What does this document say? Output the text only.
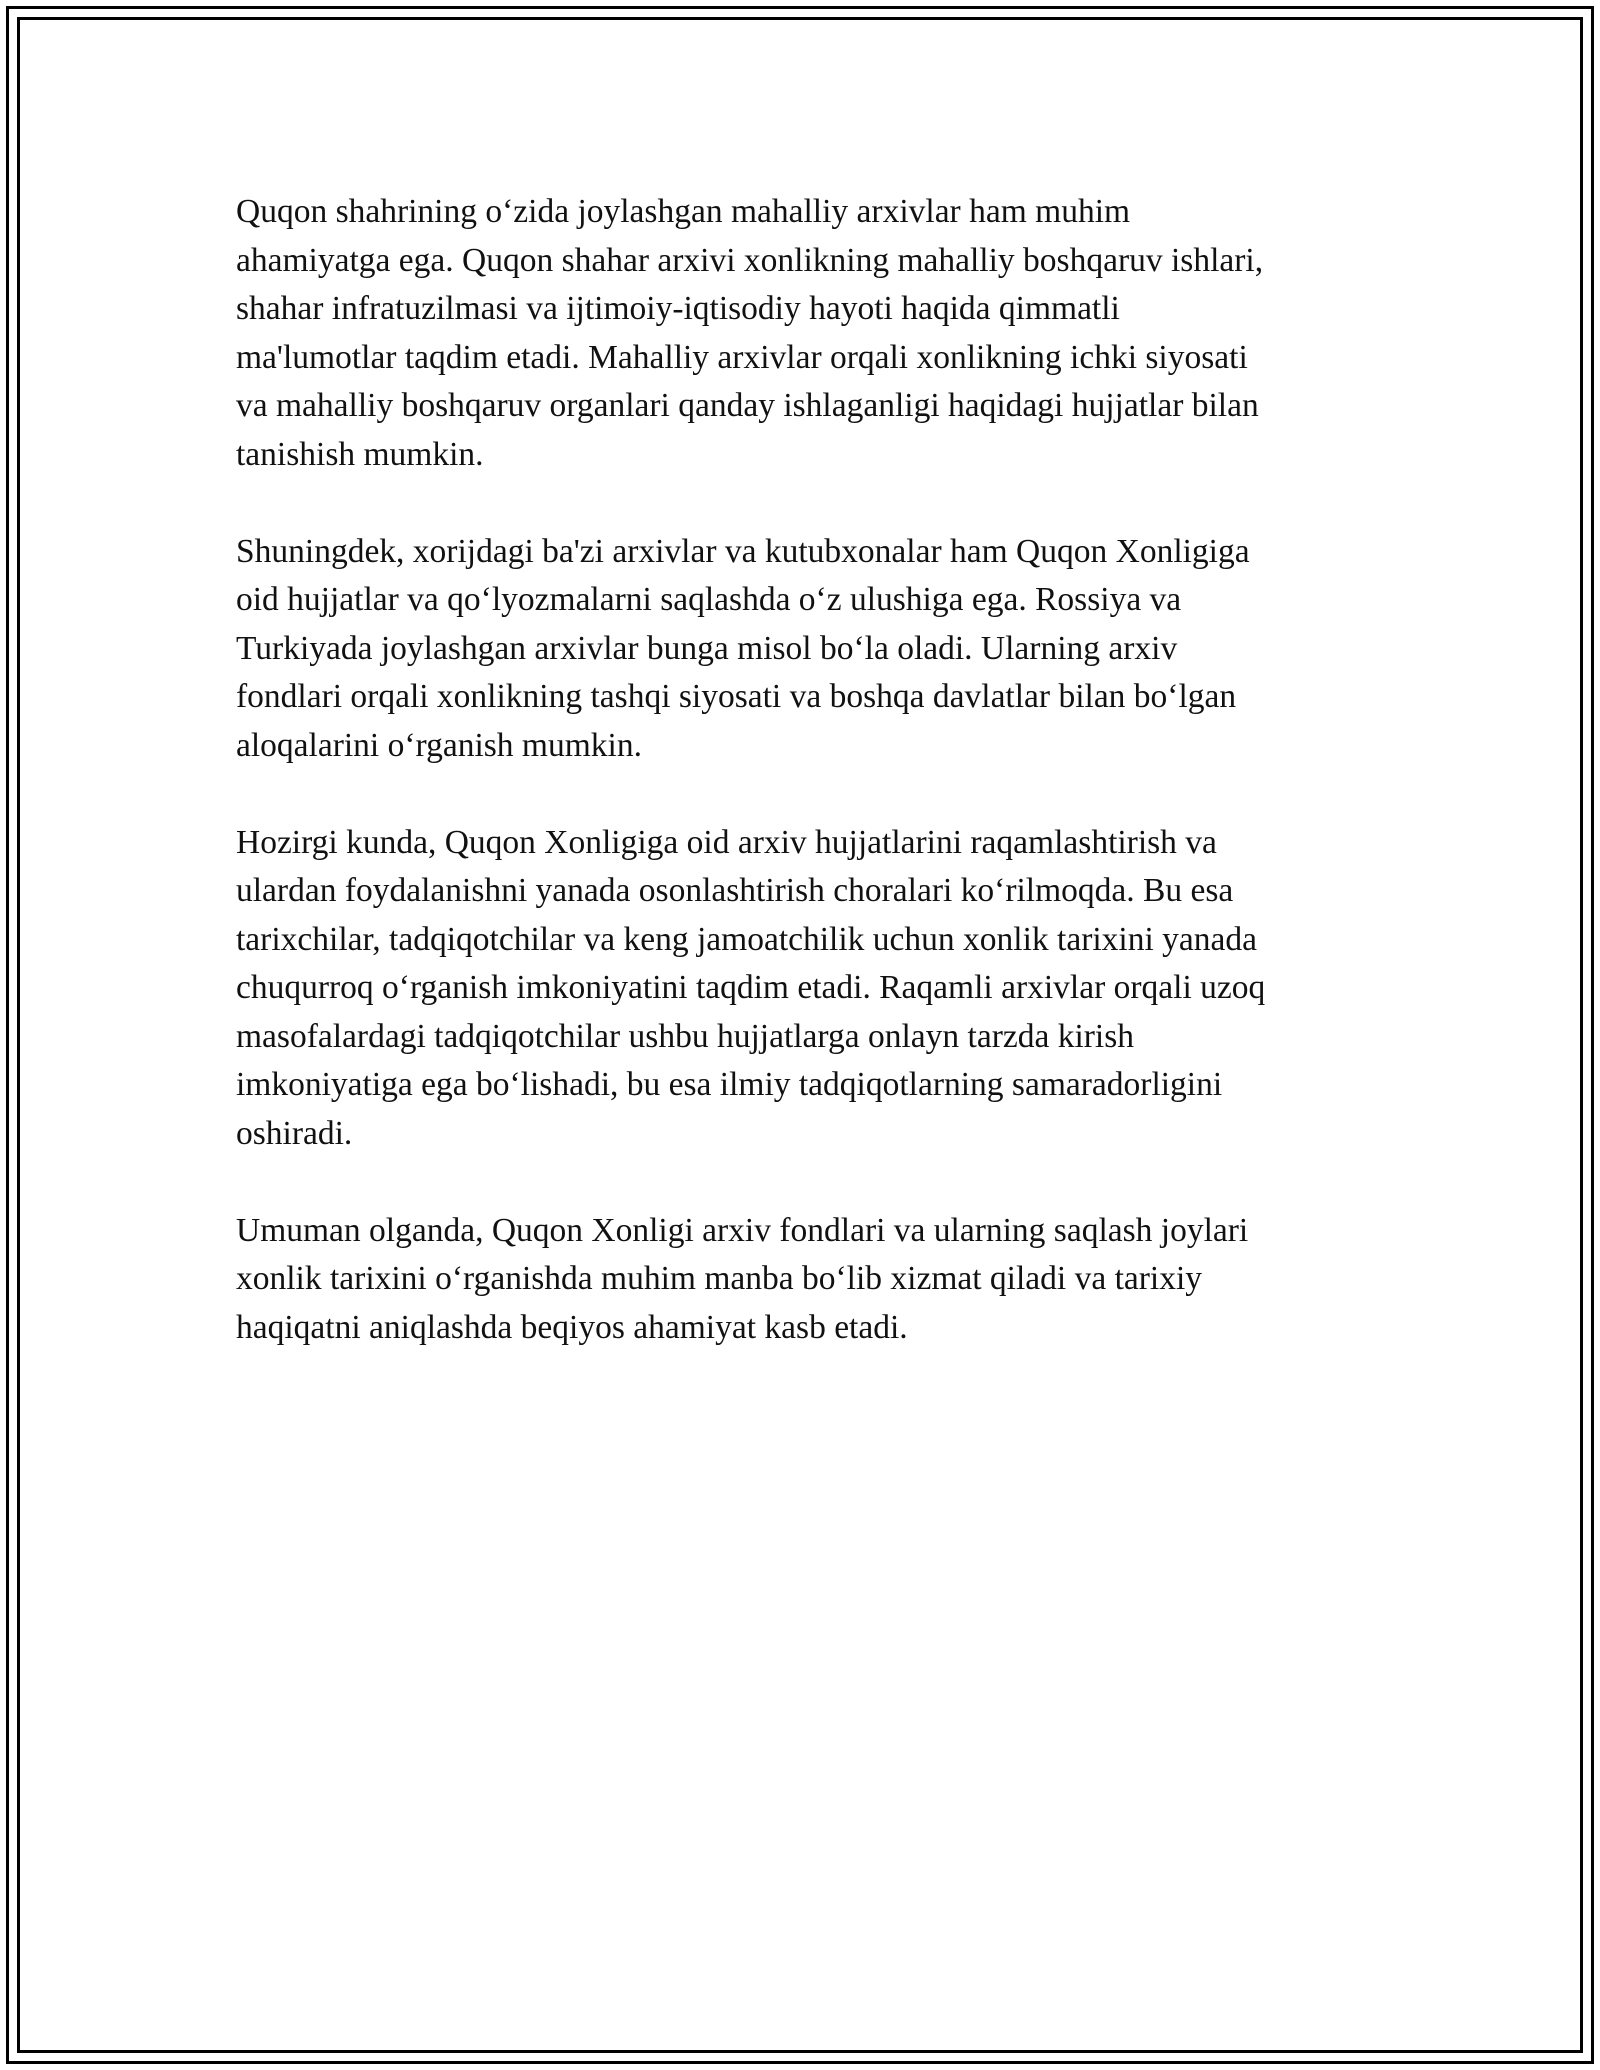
Quqon shahrining o‘zida joylashgan mahalliy arxivlar ham muhim
ahamiyatga ega. Quqon shahar arxivi xonlikning mahalliy boshqaruv ishlari,
shahar infratuzilmasi va ijtimoiy-iqtisodiy hayoti haqida qimmatli
ma'lumotlar taqdim etadi. Mahalliy arxivlar orqali xonlikning ichki siyosati
va mahalliy boshqaruv organlari qanday ishlaganligi haqidagi hujjatlar bilan
tanishish mumkin.

Shuningdek, xorijdagi ba'zi arxivlar va kutubxonalar ham Quqon Xonligiga
oid hujjatlar va qo‘lyozmalarni saqlashda o‘z ulushiga ega. Rossiya va
Turkiyada joylashgan arxivlar bunga misol bo‘la oladi. Ularning arxiv
fondlari orqali xonlikning tashqi siyosati va boshqa davlatlar bilan bo‘lgan
aloqalarini o‘rganish mumkin.

Hozirgi kunda, Quqon Xonligiga oid arxiv hujjatlarini raqamlashtirish va
ulardan foydalanishni yanada osonlashtirish choralari ko‘rilmoqda. Bu esa
tarixchilar, tadqiqotchilar va keng jamoatchilik uchun xonlik tarixini yanada
chuqurroq o‘rganish imkoniyatini taqdim etadi. Raqamli arxivlar orqali uzoq
masofalardagi tadqiqotchilar ushbu hujjatlarga onlayn tarzda kirish
imkoniyatiga ega bo‘lishadi, bu esa ilmiy tadqiqotlarning samaradorligini
oshiradi.

Umuman olganda, Quqon Xonligi arxiv fondlari va ularning saqlash joylari
xonlik tarixini o‘rganishda muhim manba bo‘lib xizmat qiladi va tarixiy
haqiqatni aniqlashda beqiyos ahamiyat kasb etadi.
